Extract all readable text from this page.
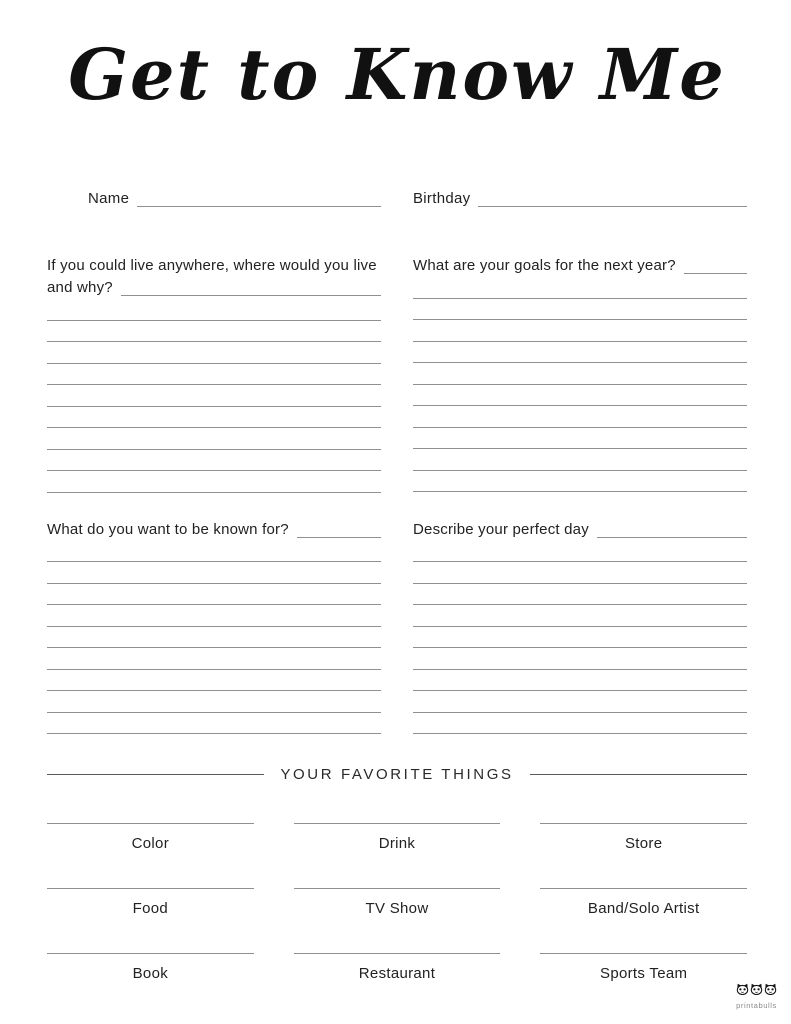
Get to Know Me
Name	Birthday
If you could live anywhere, where would you live
and why?
What are your goals for the next year?
What do you want to be known for?	Describe your perfect day
YOUR FAVORITE THINGS
Color	Drink	Store
Food	TV Show	Band/Solo Artist
Book	Restaurant	Sports Team
printabulls
